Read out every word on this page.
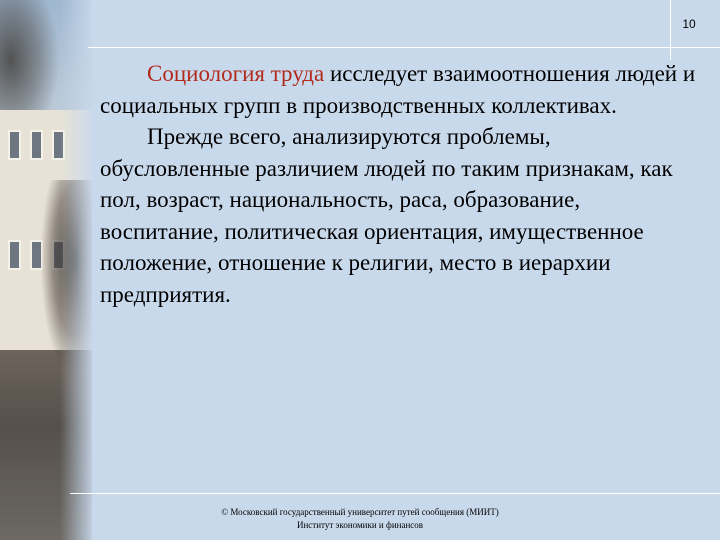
10

Социология труда исследует взаимоотношения людей и социальных групп в производственных коллективах.

Прежде всего, анализируются проблемы, обусловленные различием людей по таким признакам, как пол, возраст, национальность, раса, образование, воспитание, политическая ориентация, имущественное положение, отношение к религии, место в иерархии предприятия.

© Московский государственный университет путей сообщения (МИИТ)
Институт экономики и финансов
